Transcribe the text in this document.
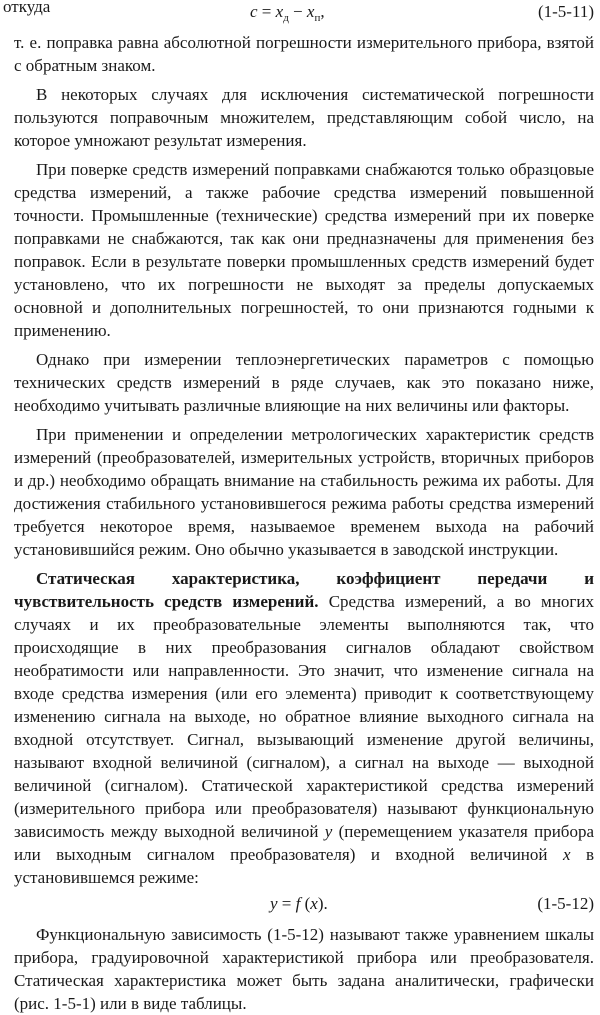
откуда	$c = x_д - x_п$,	(1-5-11)

т. е. поправка равна абсолютной погрешности измерительного прибора, взятой с обратным знаком.

В некоторых случаях для исключения систематической погрешности пользуются поправочным множителем, представляющим собой число, на которое умножают результат измерения.

При поверке средств измерений поправками снабжаются только образцовые средства измерений, а также рабочие средства измерений повышенной точности. Промышленные (технические) средства измерений при их поверке поправками не снабжаются, так как они предназначены для применения без поправок. Если в результате поверки промышленных средств измерений будет установлено, что их погрешности не выходят за пределы допускаемых основной и дополнительных погрешностей, то они признаются годными к применению.

Однако при измерении теплоэнергетических параметров с помощью технических средств измерений в ряде случаев, как это показано ниже, необходимо учитывать различные влияющие на них величины или факторы.

При применении и определении метрологических характеристик средств измерений (преобразователей, измерительных устройств, вторичных приборов и др.) необходимо обращать внимание на стабильность режима их работы. Для достижения стабильного установившегося режима работы средства измерений требуется некоторое время, называемое временем выхода на рабочий установившийся режим. Оно обычно указывается в заводской инструкции.

Статическая характеристика, коэффициент передачи и чувствительность средств измерений. Средства измерений, а во многих случаях и их преобразовательные элементы выполняются так, что происходящие в них преобразования сигналов обладают свойством необратимости или направленности. Это значит, что изменение сигнала на входе средства измерения (или его элемента) приводит к соответствующему изменению сигнала на выходе, но обратное влияние выходного сигнала на входной отсутствует. Сигнал, вызывающий изменение другой величины, называют входной величиной (сигналом), а сигнал на выходе — выходной величиной (сигналом). Статической характеристикой средства измерений (измерительного прибора или преобразователя) называют функциональную зависимость между выходной величиной y (перемещением указателя прибора или выходным сигналом преобразователя) и входной величиной x в установившемся режиме:

y = f (x).	(1-5-12)

Функциональную зависимость (1-5-12) называют также уравнением шкалы прибора, градуировочной характеристикой прибора или преобразователя. Статическая характеристика может быть задана аналитически, графически (рис. 1-5-1) или в виде таблицы.
